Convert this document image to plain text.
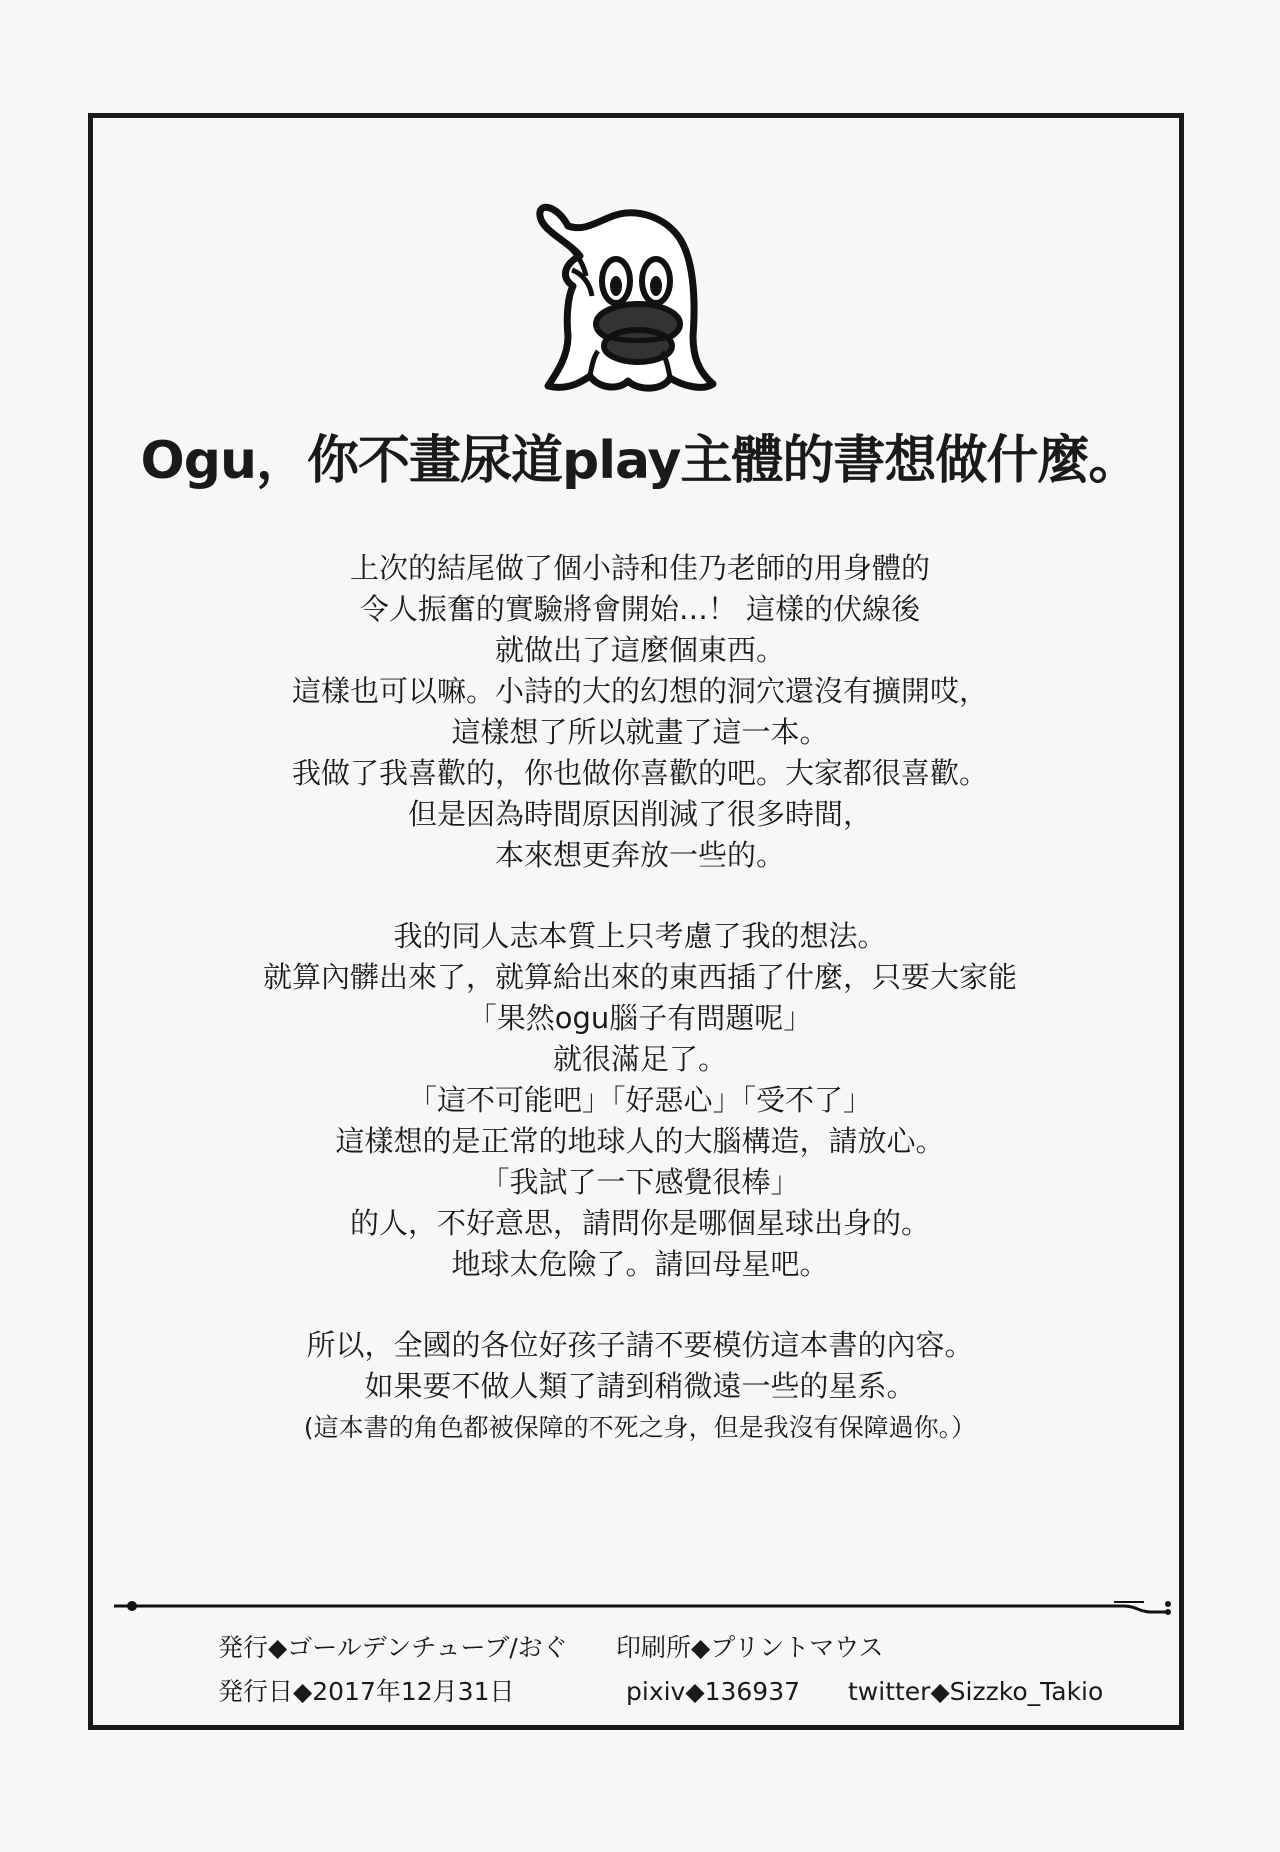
Ogu，你不畫尿道play主體的書想做什麼。
上次的結尾做了個小詩和佳乃老師的用身體的
令人振奮的實驗將會開始…！ 這樣的伏線後
就做出了這麼個東西。
這樣也可以嘛。小詩的大的幻想的洞穴還沒有擴開哎，
這樣想了所以就畫了這一本。
我做了我喜歡的，你也做你喜歡的吧。大家都很喜歡。
但是因為時間原因削減了很多時間，
本來想更奔放一些的。
我的同人志本質上只考慮了我的想法。
就算內髒出來了，就算給出來的東西插了什麼，只要大家能
「果然ogu腦子有問題呢」
就很滿足了。
「這不可能吧」「好惡心」「受不了」
這樣想的是正常的地球人的大腦構造，請放心。
「我試了一下感覺很棒」
的人，不好意思，請問你是哪個星球出身的。
地球太危險了。請回母星吧。
所以，全國的各位好孩子請不要模仿這本書的內容。
如果要不做人類了請到稍微遠一些的星系。
(這本書的角色都被保障的不死之身，但是我沒有保障過你。）
発行◆ゴールデンチューブ/おぐ 印刷所◆プリントマウス
発行日◆2017年12月31日	pixiv◆136937 twitter◆Sizzko_Takio
